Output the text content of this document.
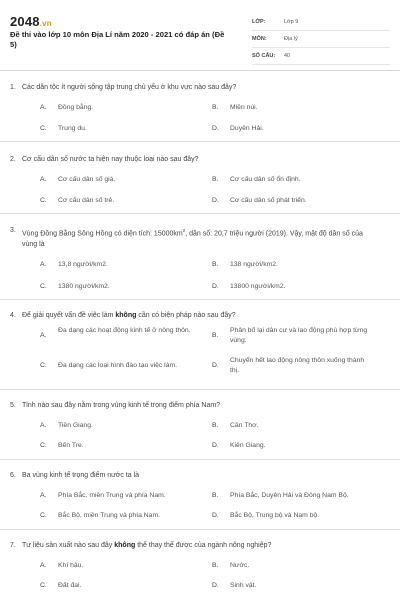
2048.vn
Đề thi vào lớp 10 môn Địa Lí năm 2020 - 2021 có đáp án (Đề 5)
LỚP:	Lớp 9
MÔN:	Địa lý
SỐ CÂU:	40
1. Các dân tộc ít người sống tập trung chủ yếu ở khu vực nào sau đây?
A.	Đồng bằng.	B.	Miền núi.
C.	Trung du.	D.	Duyên Hải.
2. Cơ cấu dân số nước ta hiện nay thuộc loại nào sau đây?
A.	Cơ cấu dân số già.	B.	Cơ cấu dân số ổn định.
C.	Cơ cấu dân số trẻ.	D.	Cơ cấu dân số phát triển.
3. Vùng Đồng Bằng Sông Hồng có diện tích: $15000km^2$, dân số: 20,7 triệu người (2019). Vậy, mật độ dân số của vùng là
A.	13,8 người/km2.	B.	138 người/km2.
C.	1380 người/km2.	D.	13800 người/km2.
4. Để giải quyết vấn đề việc làm không cần có biện pháp nào sau đây?
A.
Đa dạng các hoạt động kinh tế ở nông thôn.
B.
Phân bố lại dân cư và lao động phù hợp từng vùng.
C.	Đa dạng các loại hình đào tạo việc làm.	D.
Chuyển hết lao động nông thôn xuống thành thị.
5. Tỉnh nào sau đây nằm trong vùng kinh tế trọng điểm phía Nam?
A.	Tiền Giang.	B.	Cần Thơ.
C.	Bến Tre.	D.	Kiên Giang.
6. Ba vùng kinh tế trọng điểm nước ta là
A.	Phía Bắc, miền Trung và phía Nam.	B.	Phía Bắc, Duyên Hải và Đông Nam Bộ.
C.	Bắc Bộ, miền Trung và phía Nam.	D.	Bắc Bộ, Trung bộ và Nam bộ.
7. Tư liệu sản xuất nào sau đây không thể thay thế được của ngành nông nghiệp?
A.	Khí hậu.	B.	Nước.
C.	Đất đai.	D.	Sinh vật.
